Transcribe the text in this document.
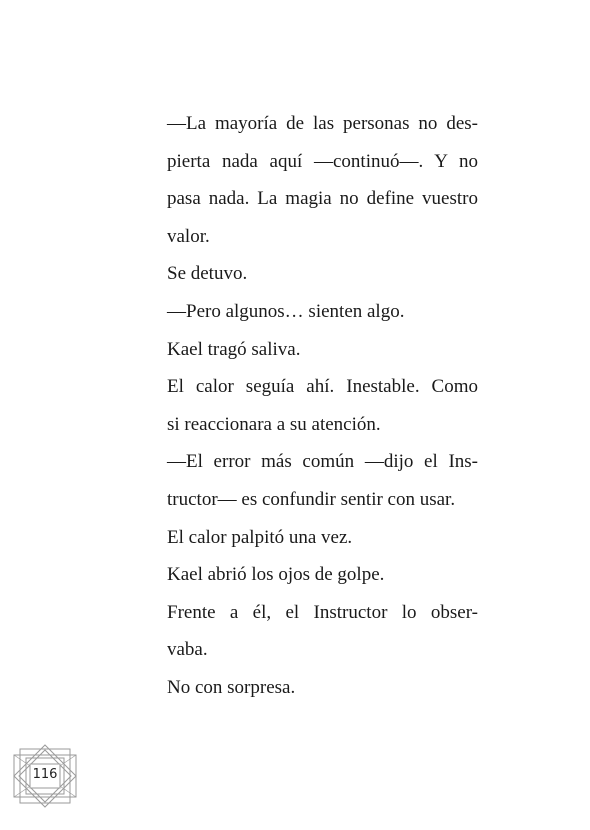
—La mayoría de las personas no des-
pierta nada aquí —continuó—. Y no
pasa nada. La magia no define vuestro
valor.
Se detuvo.
—Pero algunos… sienten algo.
Kael tragó saliva.
El calor seguía ahí. Inestable. Como
si reaccionara a su atención.
—El error más común —dijo el Ins-
tructor— es confundir sentir con usar.
El calor palpitó una vez.
Kael abrió los ojos de golpe.
Frente a él, el Instructor lo obser-
vaba.
No con sorpresa.
116
